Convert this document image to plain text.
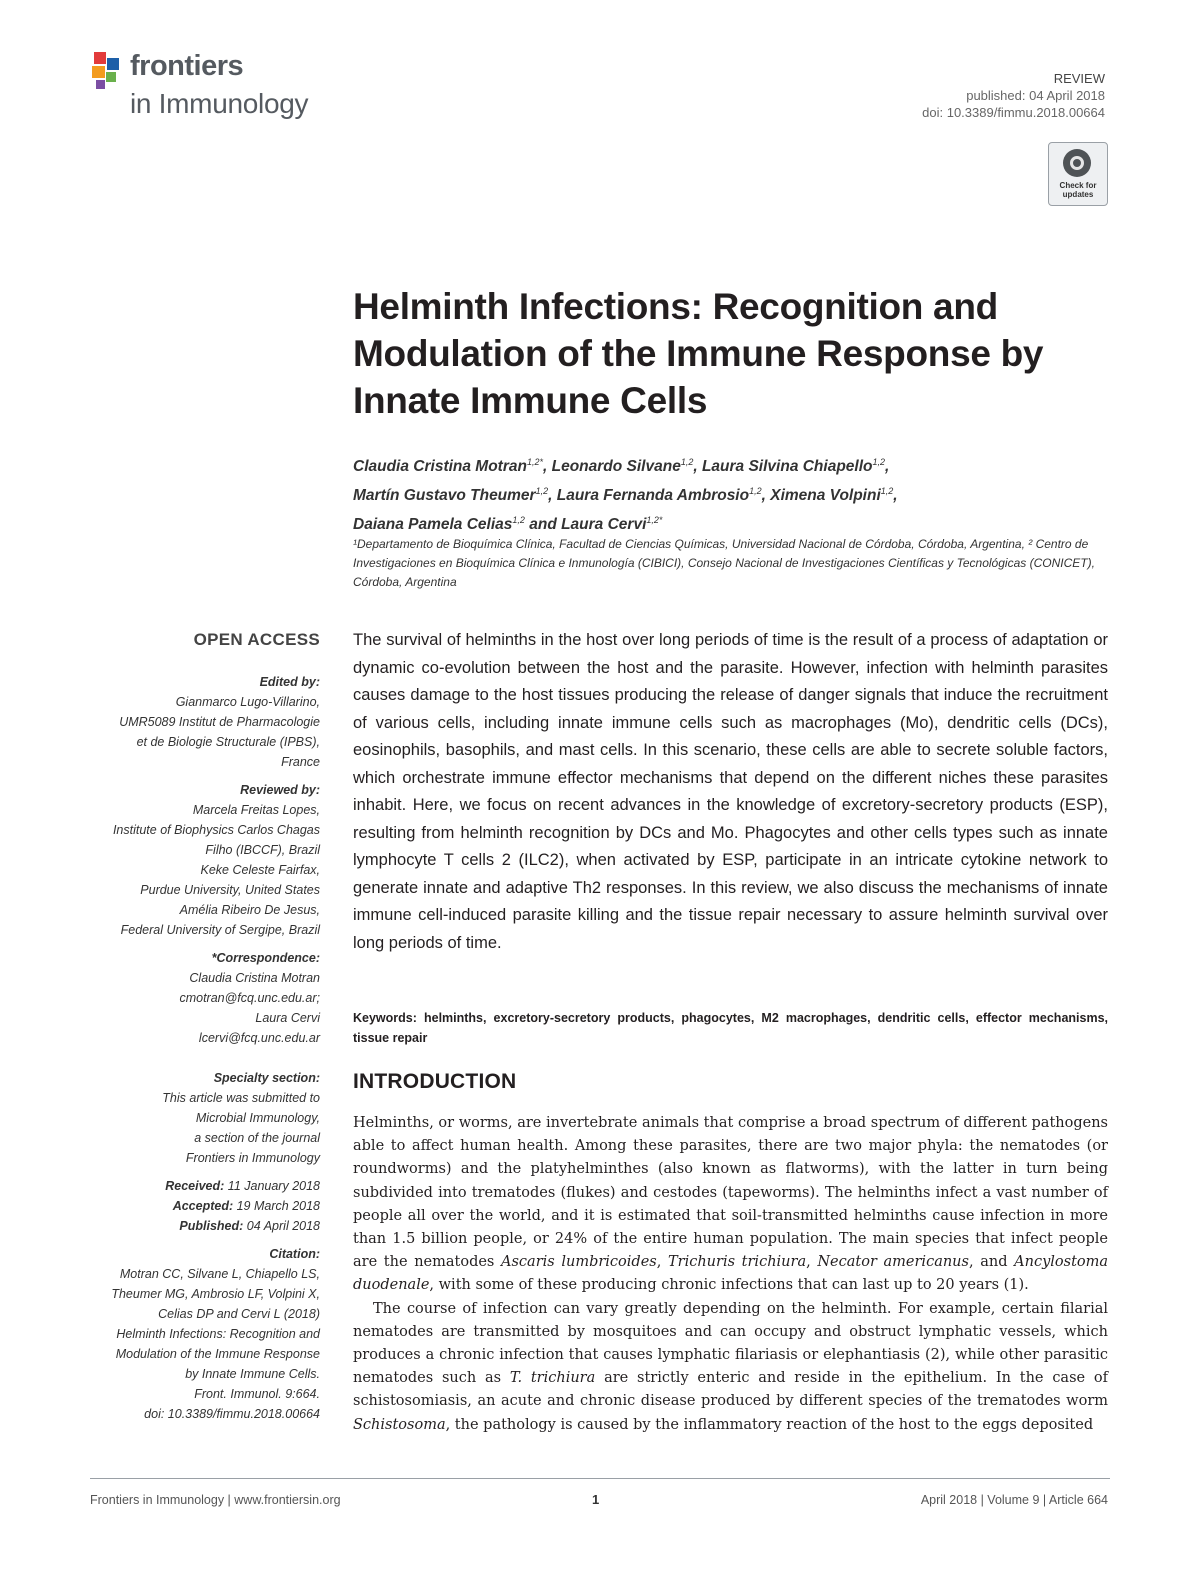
frontiers
in Immunology
REVIEW
published: 04 April 2018
doi: 10.3389/fimmu.2018.00664
Check for updates
Helminth Infections: Recognition and Modulation of the Immune Response by Innate Immune Cells
Claudia Cristina Motran$^{1,2*}$, Leonardo Silvane$^{1,2}$, Laura Silvina Chiapello$^{1,2}$,
Martín Gustavo Theumer$^{1,2}$, Laura Fernanda Ambrosio$^{1,2}$, Ximena Volpini$^{1,2}$,
Daiana Pamela Celias$^{1,2}$ and Laura Cervi$^{1,2*}$
¹Departamento de Bioquímica Clínica, Facultad de Ciencias Químicas, Universidad Nacional de Córdoba, Córdoba, Argentina, ² Centro de Investigaciones en Bioquímica Clínica e Inmunología (CIBICI), Consejo Nacional de Investigaciones Científicas y Tecnológicas (CONICET), Córdoba, Argentina
OPEN ACCESS
Edited by:
Gianmarco Lugo-Villarino,
UMR5089 Institut de Pharmacologie
et de Biologie Structurale (IPBS),
France
Reviewed by:
Marcela Freitas Lopes,
Institute of Biophysics Carlos Chagas
Filho (IBCCF), Brazil
Keke Celeste Fairfax,
Purdue University, United States
Amélia Ribeiro De Jesus,
Federal University of Sergipe, Brazil
*Correspondence:
Claudia Cristina Motran
cmotran@fcq.unc.edu.ar;
Laura Cervi
lcervi@fcq.unc.edu.ar
Specialty section:
This article was submitted to
Microbial Immunology,
a section of the journal
Frontiers in Immunology
Received: 11 January 2018
Accepted: 19 March 2018
Published: 04 April 2018
Citation:
Motran CC, Silvane L, Chiapello LS,
Theumer MG, Ambrosio LF, Volpini X,
Celias DP and Cervi L (2018)
Helminth Infections: Recognition and
Modulation of the Immune Response
by Innate Immune Cells.
Front. Immunol. 9:664.
doi: 10.3389/fimmu.2018.00664
The survival of helminths in the host over long periods of time is the result of a process of adaptation or dynamic co-evolution between the host and the parasite. However, infection with helminth parasites causes damage to the host tissues producing the release of danger signals that induce the recruitment of various cells, including innate immune cells such as macrophages (Mo), dendritic cells (DCs), eosinophils, basophils, and mast cells. In this scenario, these cells are able to secrete soluble factors, which orchestrate immune effector mechanisms that depend on the different niches these parasites inhabit. Here, we focus on recent advances in the knowledge of excretory-secretory products (ESP), resulting from helminth recognition by DCs and Mo. Phagocytes and other cells types such as innate lymphocyte T cells 2 (ILC2), when activated by ESP, participate in an intricate cytokine network to generate innate and adaptive Th2 responses. In this review, we also discuss the mechanisms of innate immune cell-induced parasite killing and the tissue repair necessary to assure helminth survival over long periods of time.
Keywords: helminths, excretory-secretory products, phagocytes, M2 macrophages, dendritic cells, effector mechanisms, tissue repair
INTRODUCTION

Helminths, or worms, are invertebrate animals that comprise a broad spectrum of different pathogens able to affect human health. Among these parasites, there are two major phyla: the nematodes (or roundworms) and the platyhelminthes (also known as flatworms), with the latter in turn being subdivided into trematodes (flukes) and cestodes (tapeworms). The helminths infect a vast number of people all over the world, and it is estimated that soil-transmitted helminths cause infection in more than 1.5 billion people, or 24% of the entire human population. The main species that infect people are the nematodes Ascaris lumbricoides, Trichuris trichiura, Necator americanus, and Ancylostoma duodenale, with some of these producing chronic infections that can last up to 20 years (1).

The course of infection can vary greatly depending on the helminth. For example, certain filarial nematodes are transmitted by mosquitoes and can occupy and obstruct lymphatic vessels, which produces a chronic infection that causes lymphatic filariasis or elephantiasis (2), while other parasitic nematodes such as T. trichiura are strictly enteric and reside in the epithelium. In the case of schistosomiasis, an acute and chronic disease produced by different species of the trematodes worm Schistosoma, the pathology is caused by the inflammatory reaction of the host to the eggs deposited

Frontiers in Immunology | www.frontiersin.org	1	April 2018 | Volume 9 | Article 664
